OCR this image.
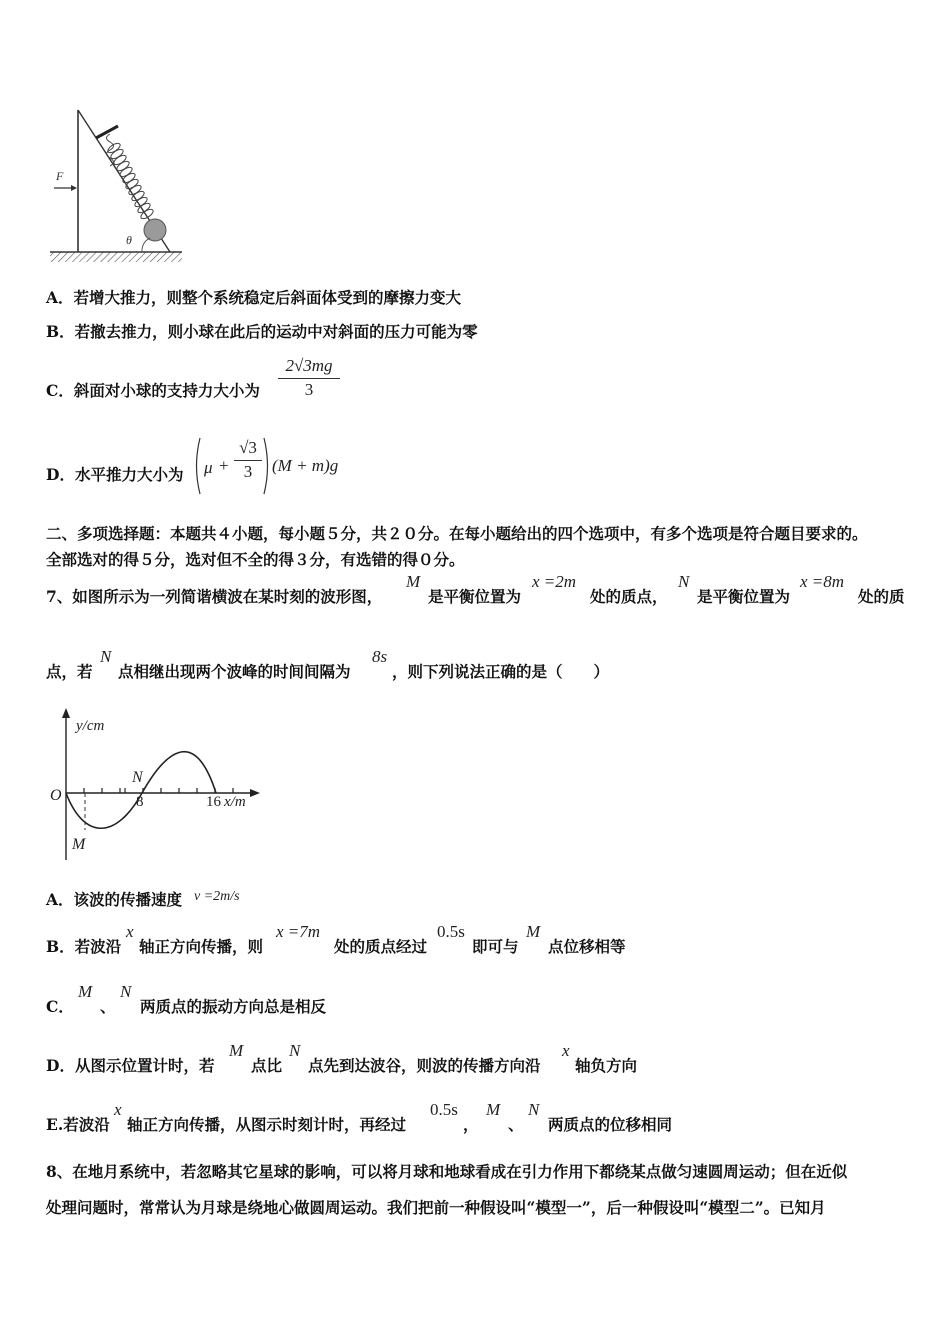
F
θ
A．若增大推力，则整个系统稳定后斜面体受到的摩擦力变大
B．若撤去推力，则小球在此后的运动中对斜面的压力可能为零
C．斜面对小球的支持力大小为 $\frac{2√3mg}{3}$
D．水平推力大小为 $\mu + \frac{√3}{3} (M + m)g$
二、多项选择题：本题共４小题，每小题５分，共２０分。在每小题给出的四个选项中，有多个选项是符合题目要求的。
全部选对的得５分，选对但不全的得３分，有选错的得０分。
7、如图所示为一列简谐横波在某时刻的波形图，
M
是平衡位置为
x =2m
处的质点，
N
是平衡位置为
x =8m
处的质
点，若
N
点相继出现两个波峰的时间间隔为
8s
，则下列说法正确的是（　　）
y/cm
O	8	16 x/m
N
M
A．该波的传播速度 v =2m/s
B．若波沿
x
轴正方向传播，则
x =7m
处的质点经过
0.5s
即可与
M
点位移相等
C．
M
、
N
两质点的振动方向总是相反
D．从图示位置计时，若
M
点比
N
点先到达波谷，则波的传播方向沿
x
轴负方向
E.若波沿
x
轴正方向传播，从图示时刻计时，再经过
0.5s
，
M
、
N
两质点的位移相同
8、在地月系统中，若忽略其它星球的影响，可以将月球和地球看成在引力作用下都绕某点做匀速圆周运动；但在近似
处理问题时，常常认为月球是绕地心做圆周运动。我们把前一种假设叫“模型一”，后一种假设叫“模型二”。已知月
